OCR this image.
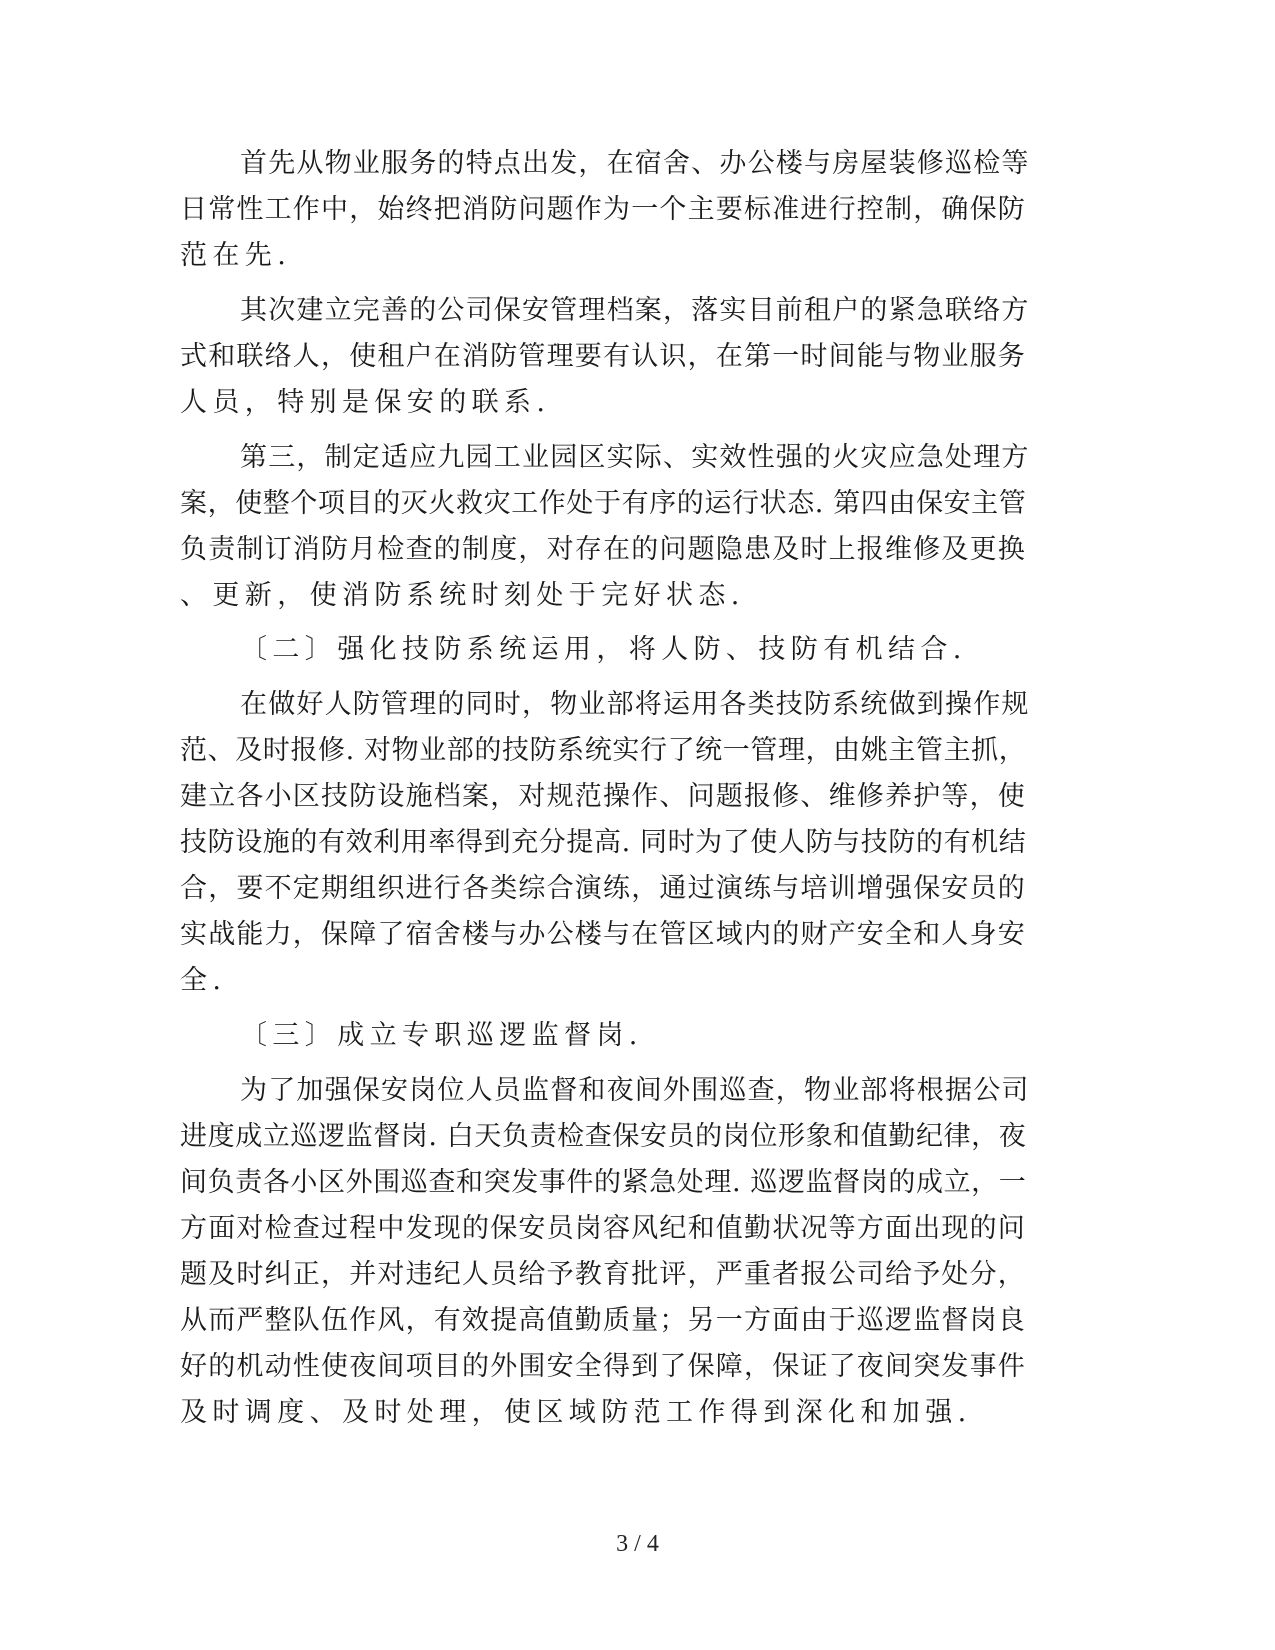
首先从物业服务的特点出发，在宿舍、办公楼与房屋装修巡检等
日常性工作中，始终把消防问题作为一个主要标准进行控制，确保防
范在先.
其次建立完善的公司保安管理档案，落实目前租户的紧急联络方
式和联络人，使租户在消防管理要有认识，在第一时间能与物业服务
人员，特别是保安的联系.
第三，制定适应九园工业园区实际、实效性强的火灾应急处理方
案，使整个项目的灭火救灾工作处于有序的运行状态. 第四由保安主管
负责制订消防月检查的制度，对存在的问题隐患及时上报维修及更换
、更新，使消防系统时刻处于完好状态.
〔二〕强化技防系统运用，将人防、技防有机结合.
在做好人防管理的同时，物业部将运用各类技防系统做到操作规
范、及时报修. 对物业部的技防系统实行了统一管理，由姚主管主抓，
建立各小区技防设施档案，对规范操作、问题报修、维修养护等，使
技防设施的有效利用率得到充分提高. 同时为了使人防与技防的有机结
合，要不定期组织进行各类综合演练，通过演练与培训增强保安员的
实战能力，保障了宿舍楼与办公楼与在管区域内的财产安全和人身安
全.
〔三〕成立专职巡逻监督岗.
为了加强保安岗位人员监督和夜间外围巡查，物业部将根据公司
进度成立巡逻监督岗. 白天负责检查保安员的岗位形象和值勤纪律，夜
间负责各小区外围巡查和突发事件的紧急处理. 巡逻监督岗的成立，一
方面对检查过程中发现的保安员岗容风纪和值勤状况等方面出现的问
题及时纠正，并对违纪人员给予教育批评，严重者报公司给予处分，
从而严整队伍作风，有效提高值勤质量；另一方面由于巡逻监督岗良
好的机动性使夜间项目的外围安全得到了保障，保证了夜间突发事件
及时调度、及时处理，使区域防范工作得到深化和加强.
3 / 4
